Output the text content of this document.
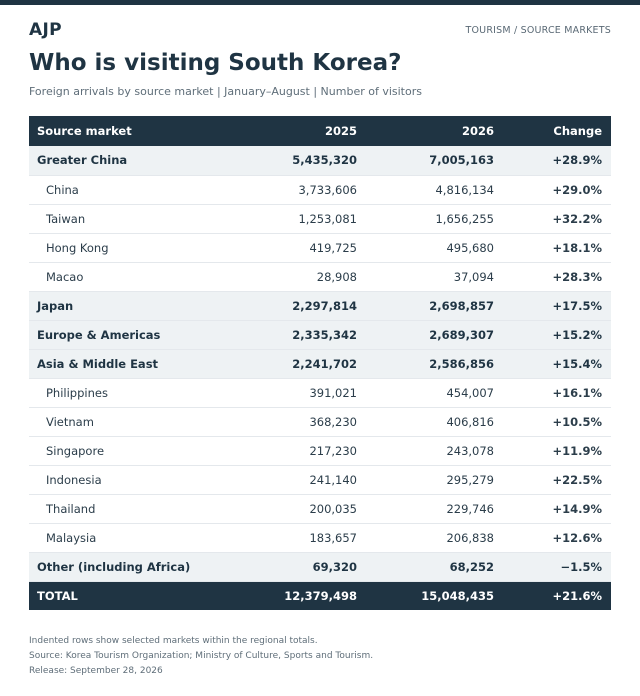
AJP	TOURISM / SOURCE MARKETS
Who is visiting South Korea?
Foreign arrivals by source market | January–August | Number of visitors
Source market	2025	2026	Change
Greater China	5,435,320	7,005,163	+28.9%
China	3,733,606	4,816,134	+29.0%
Taiwan	1,253,081	1,656,255	+32.2%
Hong Kong	419,725	495,680	+18.1%
Macao	28,908	37,094	+28.3%
Japan	2,297,814	2,698,857	+17.5%
Europe & Americas	2,335,342	2,689,307	+15.2%
Asia & Middle East	2,241,702	2,586,856	+15.4%
Philippines	391,021	454,007	+16.1%
Vietnam	368,230	406,816	+10.5%
Singapore	217,230	243,078	+11.9%
Indonesia	241,140	295,279	+22.5%
Thailand	200,035	229,746	+14.9%
Malaysia	183,657	206,838	+12.6%
Other (including Africa)	69,320	68,252	−1.5%
TOTAL	12,379,498	15,048,435	+21.6%
Indented rows show selected markets within the regional totals.
Source: Korea Tourism Organization; Ministry of Culture, Sports and Tourism.
Release: September 28, 2026
